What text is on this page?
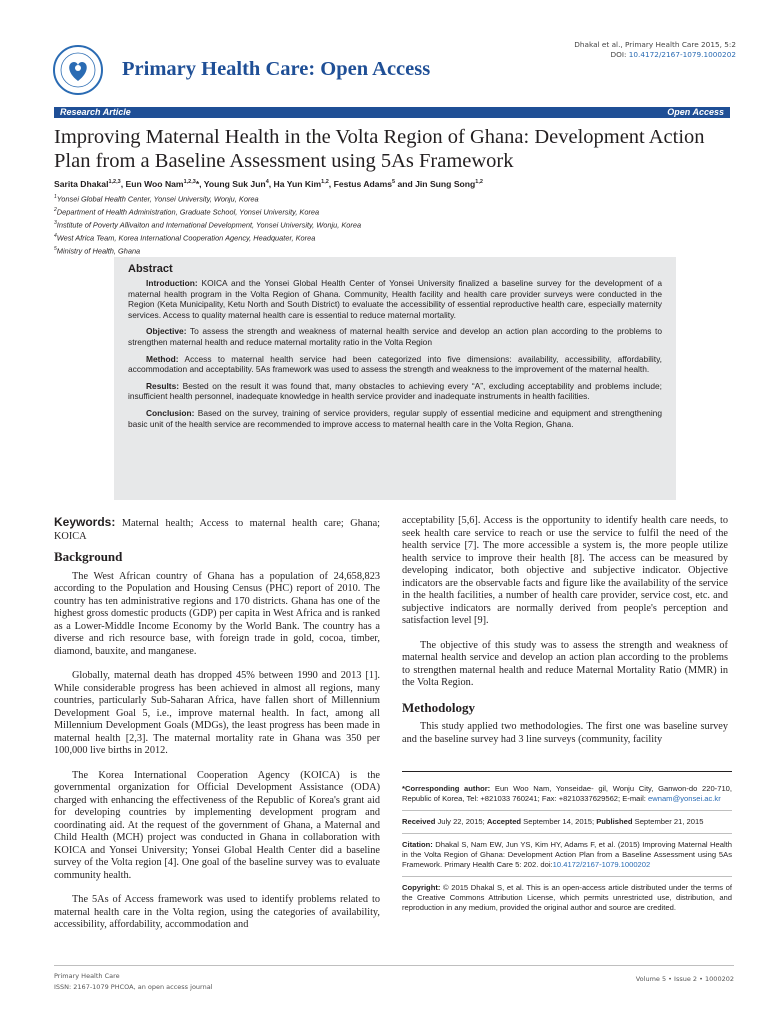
Primary Health Care: Open Access
Dhakal et al., Primary Health Care 2015, 5:2
DOI: 10.4172/2167-1079.1000202
Research Article	Open Access
Improving Maternal Health in the Volta Region of Ghana: Development Action Plan from a Baseline Assessment using 5As Framework
Sarita Dhakal$^{1,2,3}$, Eun Woo Nam$^{1,2,3}$*, Young Suk Jun$^4$, Ha Yun Kim$^{1,2}$, Festus Adams$^5$ and Jin Sung Song$^{1,2}$
$^1$Yonsei Global Health Center, Yonsei University, Wonju, Korea
$^2$Department of Health Administration, Graduate School, Yonsei University, Korea
$^3$Institute of Poverty Allivaiton and International Development, Yonsei University, Wonju, Korea
$^4$West Africa Team, Korea International Cooperation Agency, Headquater, Korea
$^5$Ministry of Health, Ghana
Abstract
Introduction: KOICA and the Yonsei Global Health Center of Yonsei University finalized a baseline survey for the development of a maternal health program in the Volta Region of Ghana. Community, Health facility and health care provider surveys were conducted in the Region (Keta Municipality, Ketu North and South District) to evaluate the accessibility of essential reproductive health care, especially maternity services. Access to quality maternal health care is essential to reduce maternal mortality.
Objective: To assess the strength and weakness of maternal health service and develop an action plan according to the problems to strengthen maternal health and reduce maternal mortality ratio in the Volta Region
Method: Access to maternal health service had been categorized into five dimensions: availability, accessibility, affordability, accommodation and acceptability. 5As framework was used to assess the strength and weakness to the improvement of the maternal health.
Results: Bested on the result it was found that, many obstacles to achieving every “A”, excluding acceptability and problems include; insufficient health personnel, inadequate knowledge in health service provider and inadequate instruments in health facilities.
Conclusion: Based on the survey, training of service providers, regular supply of essential medicine and equipment and strengthening basic unit of the health service are recommended to improve access to maternal health care in the Volta Region, Ghana.
Keywords: Maternal health; Access to maternal health care; Ghana; KOICA
Background
The West African country of Ghana has a population of 24,658,823 according to the Population and Housing Census (PHC) report of 2010. The country has ten administrative regions and 170 districts. Ghana has one of the highest gross domestic products (GDP) per capita in West Africa and is ranked as a Lower-Middle Income Economy by the World Bank. The country has a diverse and rich resource base, with foreign trade in gold, cocoa, timber, diamond, bauxite, and manganese.
Globally, maternal death has dropped 45% between 1990 and 2013 [1]. While considerable progress has been achieved in almost all regions, many countries, particularly Sub-Saharan Africa, have fallen short of Millennium Development Goal 5, i.e., improve maternal health. In fact, among all Millennium Development Goals (MDGs), the least progress has been made in maternal health [2,3]. The maternal mortality rate in Ghana was 350 per 100,000 live births in 2012.
The Korea International Cooperation Agency (KOICA) is the governmental organization for Official Development Assistance (ODA) charged with enhancing the effectiveness of the Republic of Korea's grant aid for developing countries by implementing development program and coordinating aid. At the request of the government of Ghana, a Maternal and Child Health (MCH) project was conducted in Ghana in collaboration with KOICA and Yonsei University; Yonsei Global Health Center did a baseline survey of the Volta region [4]. One goal of the baseline survey was to evaluate community health.
The 5As of Access framework was used to identify problems related to maternal health care in the Volta region, using the categories of availability, accessibility, affordability, accommodation and
acceptability [5,6]. Access is the opportunity to identify health care needs, to seek health care service to reach or use the service to fulfil the need of the health service [7]. The more accessible a system is, the more people utilize health service to improve their health [8]. The access can be measured by developing indicator, both objective and subjective indicator. Objective indicators are the observable facts and figure like the availability of the service in the health facilities, a number of health care provider, service cost, etc. and subjective indicators are normally derived from people's perception and satisfaction level [9].
The objective of this study was to assess the strength and weakness of maternal health service and develop an action plan according to the problems to strengthen maternal health and reduce Maternal Mortality Ratio (MMR) in the Volta Region.
Methodology
This study applied two methodologies. The first one was baseline survey and the baseline survey had 3 line surveys (community, facility
*Corresponding author: Eun Woo Nam, Yonseidae- gil, Wonju City, Ganwon-do 220-710, Republic of Korea, Tel: +821033 760241; Fax: +8210337629562; E-mail: ewnam@yonsei.ac.kr
Received July 22, 2015; Accepted September 14, 2015; Published September 21, 2015
Citation: Dhakal S, Nam EW, Jun YS, Kim HY, Adams F, et al. (2015) Improving Maternal Health in the Volta Region of Ghana: Development Action Plan from a Baseline Assessment using 5As Framework. Primary Health Care 5: 202. doi:10.4172/2167-1079.1000202
Copyright: © 2015 Dhakal S, et al. This is an open-access article distributed under the terms of the Creative Commons Attribution License, which permits unrestricted use, distribution, and reproduction in any medium, provided the original author and source are credited.
Primary Health Care
ISSN: 2167-1079 PHCOA, an open access journal
Volume 5 • Issue 2 • 1000202
